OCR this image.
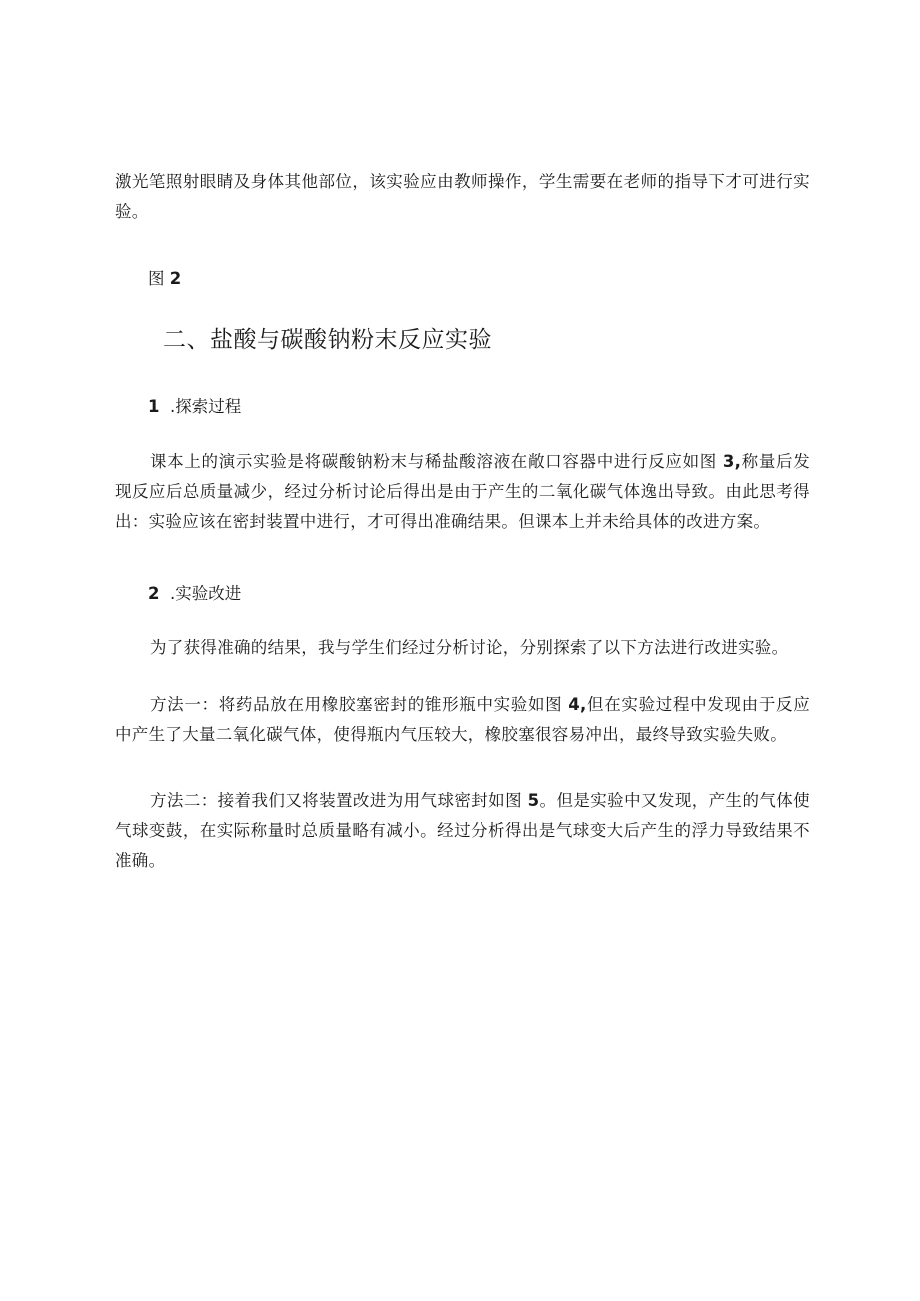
激光笔照射眼睛及身体其他部位，该实验应由教师操作，学生需要在老师的指导下才可进行实验。

图 2

二、盐酸与碳酸钠粉末反应实验

1 .探索过程

课本上的演示实验是将碳酸钠粉末与稀盐酸溶液在敞口容器中进行反应如图 3,称量后发现反应后总质量减少，经过分析讨论后得出是由于产生的二氧化碳气体逸出导致。由此思考得出：实验应该在密封装置中进行，才可得出准确结果。但课本上并未给具体的改进方案。

2 .实验改进

为了获得准确的结果，我与学生们经过分析讨论，分别探索了以下方法进行改进实验。

方法一：将药品放在用橡胶塞密封的锥形瓶中实验如图 4,但在实验过程中发现由于反应中产生了大量二氧化碳气体，使得瓶内气压较大，橡胶塞很容易冲出，最终导致实验失败。

方法二：接着我们又将装置改进为用气球密封如图 5。但是实验中又发现，产生的气体使气球变鼓，在实际称量时总质量略有减小。经过分析得出是气球变大后产生的浮力导致结果不准确。
